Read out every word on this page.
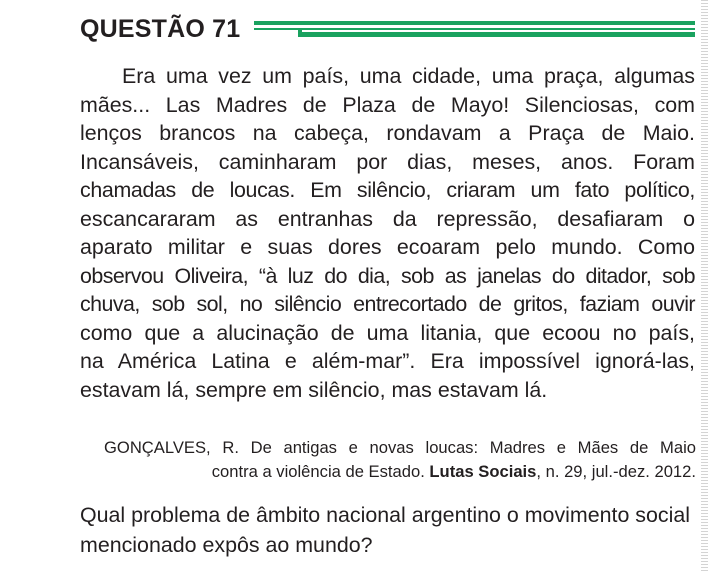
QUESTÃO 71

Era uma vez um país, uma cidade, uma praça, algumas
mães... Las Madres de Plaza de Mayo! Silenciosas, com
lenços brancos na cabeça, rondavam a Praça de Maio.
Incansáveis, caminharam por dias, meses, anos. Foram
chamadas de loucas. Em silêncio, criaram um fato político,
escancararam as entranhas da repressão, desafiaram o
aparato militar e suas dores ecoaram pelo mundo. Como
observou Oliveira, “à luz do dia, sob as janelas do ditador, sob
chuva, sob sol, no silêncio entrecortado de gritos, faziam ouvir
como que a alucinação de uma litania, que ecoou no país,
na América Latina e além-mar”. Era impossível ignorá-las,
estavam lá, sempre em silêncio, mas estavam lá.

GONÇALVES, R. De antigas e novas loucas: Madres e Mães de Maio
contra a violência de Estado. Lutas Sociais, n. 29, jul.-dez. 2012.
Qual problema de âmbito nacional argentino o movimento social mencionado expôs ao mundo?
